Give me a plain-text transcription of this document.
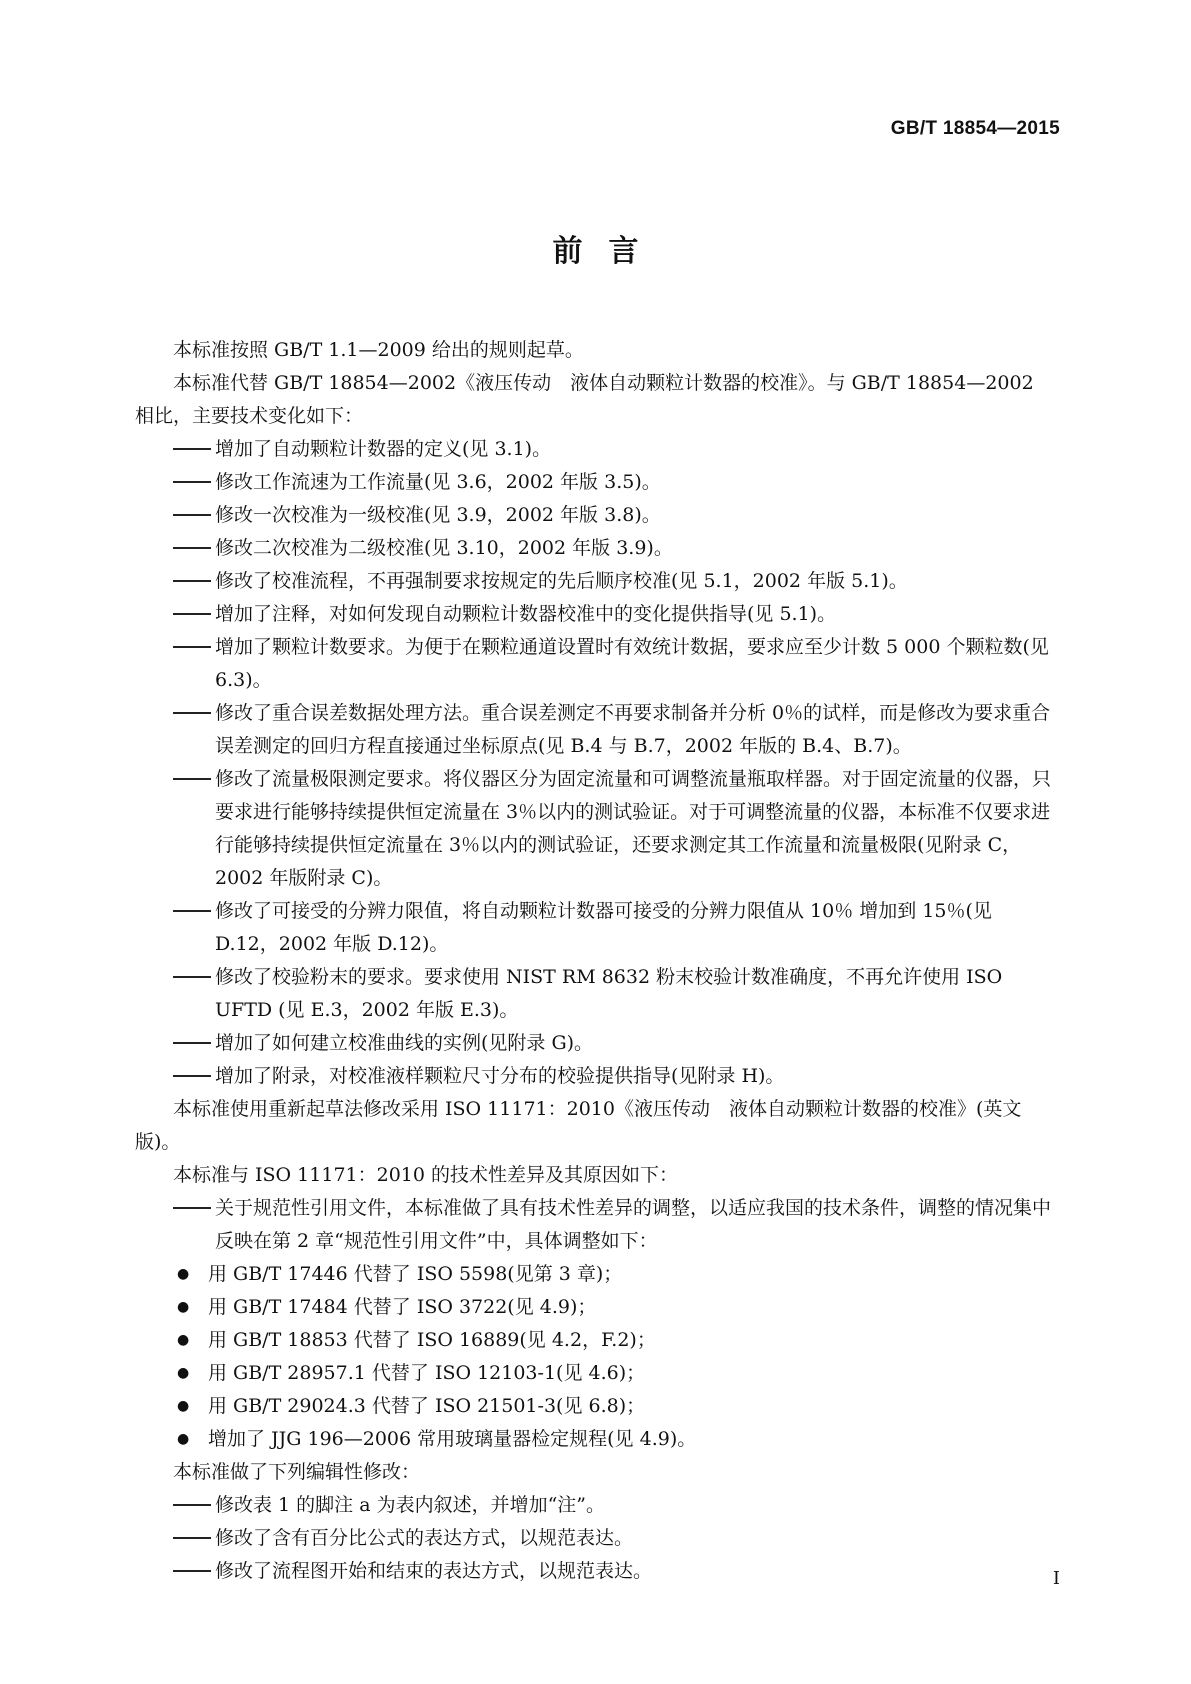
GB/T 18854—2015
前言

本标准按照 GB/T 1.1—2009 给出的规则起草。

本标准代替 GB/T 18854—2002《液压传动　液体自动颗粒计数器的校准》。与 GB/T 18854—2002 相比，主要技术变化如下：

增加了自动颗粒计数器的定义(见 3.1)。
修改工作流速为工作流量(见 3.6，2002 年版 3.5)。
修改一次校准为一级校准(见 3.9，2002 年版 3.8)。
修改二次校准为二级校准(见 3.10，2002 年版 3.9)。
修改了校准流程，不再强制要求按规定的先后顺序校准(见 5.1，2002 年版 5.1)。
增加了注释，对如何发现自动颗粒计数器校准中的变化提供指导(见 5.1)。
增加了颗粒计数要求。为便于在颗粒通道设置时有效统计数据，要求应至少计数 5 000 个颗粒数(见 6.3)。
修改了重合误差数据处理方法。重合误差测定不再要求制备并分析 0％的试样，而是修改为要求重合误差测定的回归方程直接通过坐标原点(见 B.4 与 B.7，2002 年版的 B.4、B.7)。
修改了流量极限测定要求。将仪器区分为固定流量和可调整流量瓶取样器。对于固定流量的仪器，只要求进行能够持续提供恒定流量在 3％以内的测试验证。对于可调整流量的仪器，本标准不仅要求进行能够持续提供恒定流量在 3％以内的测试验证，还要求测定其工作流量和流量极限(见附录 C，2002 年版附录 C)。
修改了可接受的分辨力限值，将自动颗粒计数器可接受的分辨力限值从 10％ 增加到 15％(见 D.12，2002 年版 D.12)。
修改了校验粉末的要求。要求使用 NIST RM 8632 粉末校验计数准确度，不再允许使用 ISO UFTD (见 E.3，2002 年版 E.3)。
增加了如何建立校准曲线的实例(见附录 G)。
增加了附录，对校准液样颗粒尺寸分布的校验提供指导(见附录 H)。

本标准使用重新起草法修改采用 ISO 11171：2010《液压传动　液体自动颗粒计数器的校准》(英文版)。

本标准与 ISO 11171：2010 的技术性差异及其原因如下：

关于规范性引用文件，本标准做了具有技术性差异的调整，以适应我国的技术条件，调整的情况集中反映在第 2 章“规范性引用文件”中，具体调整如下：
● 用 GB/T 17446 代替了 ISO 5598(见第 3 章)；
● 用 GB/T 17484 代替了 ISO 3722(见 4.9)；
● 用 GB/T 18853 代替了 ISO 16889(见 4.2，F.2)；
● 用 GB/T 28957.1 代替了 ISO 12103-1(见 4.6)；
● 用 GB/T 29024.3 代替了 ISO 21501-3(见 6.8)；
● 增加了 JJG 196—2006 常用玻璃量器检定规程(见 4.9)。

本标准做了下列编辑性修改：

修改表 1 的脚注 a 为表内叙述，并增加“注”。
修改了含有百分比公式的表达方式，以规范表达。
修改了流程图开始和结束的表达方式，以规范表达。	I
